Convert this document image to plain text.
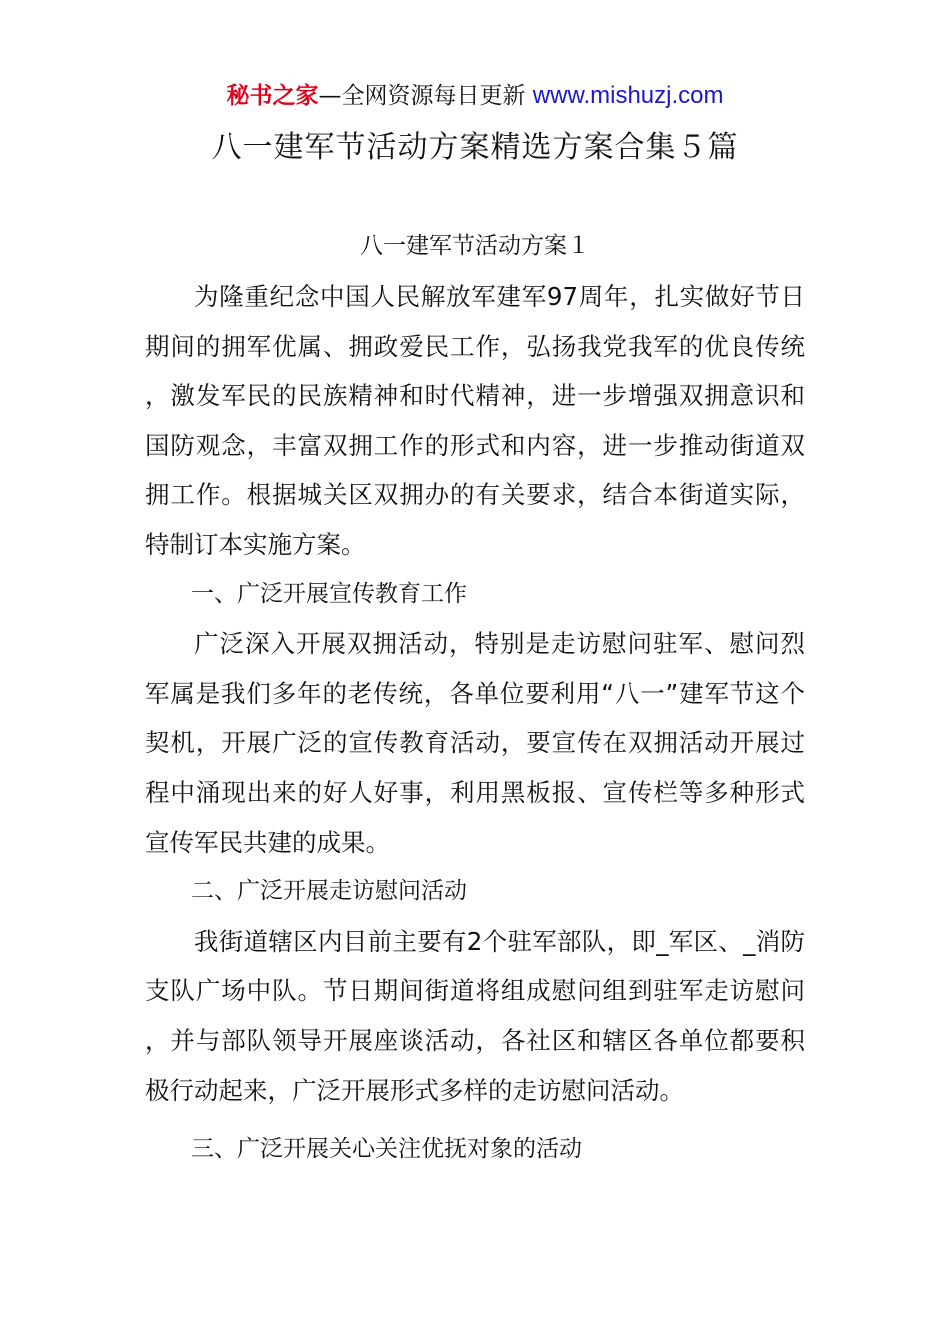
秘书之家—全网资源每日更新 www.mishuzj.com
八一建军节活动方案精选方案合集５篇
八一建军节活动方案１

为隆重纪念中国人民解放军建军97周年，扎实做好节日期间的拥军优属、拥政爱民工作，弘扬我党我军的优良传统，激发军民的民族精神和时代精神，进一步增强双拥意识和国防观念，丰富双拥工作的形式和内容，进一步推动街道双拥工作。根据城关区双拥办的有关要求，结合本街道实际，特制订本实施方案。

一、广泛开展宣传教育工作

广泛深入开展双拥活动，特别是走访慰问驻军、慰问烈军属是我们多年的老传统，各单位要利用“八一”建军节这个契机，开展广泛的宣传教育活动，要宣传在双拥活动开展过程中涌现出来的好人好事，利用黑板报、宣传栏等多种形式宣传军民共建的成果。

二、广泛开展走访慰问活动

我街道辖区内目前主要有2个驻军部队，即_军区、_消防支队广场中队。节日期间街道将组成慰问组到驻军走访慰问，并与部队领导开展座谈活动，各社区和辖区各单位都要积极行动起来，广泛开展形式多样的走访慰问活动。

三、广泛开展关心关注优抚对象的活动
